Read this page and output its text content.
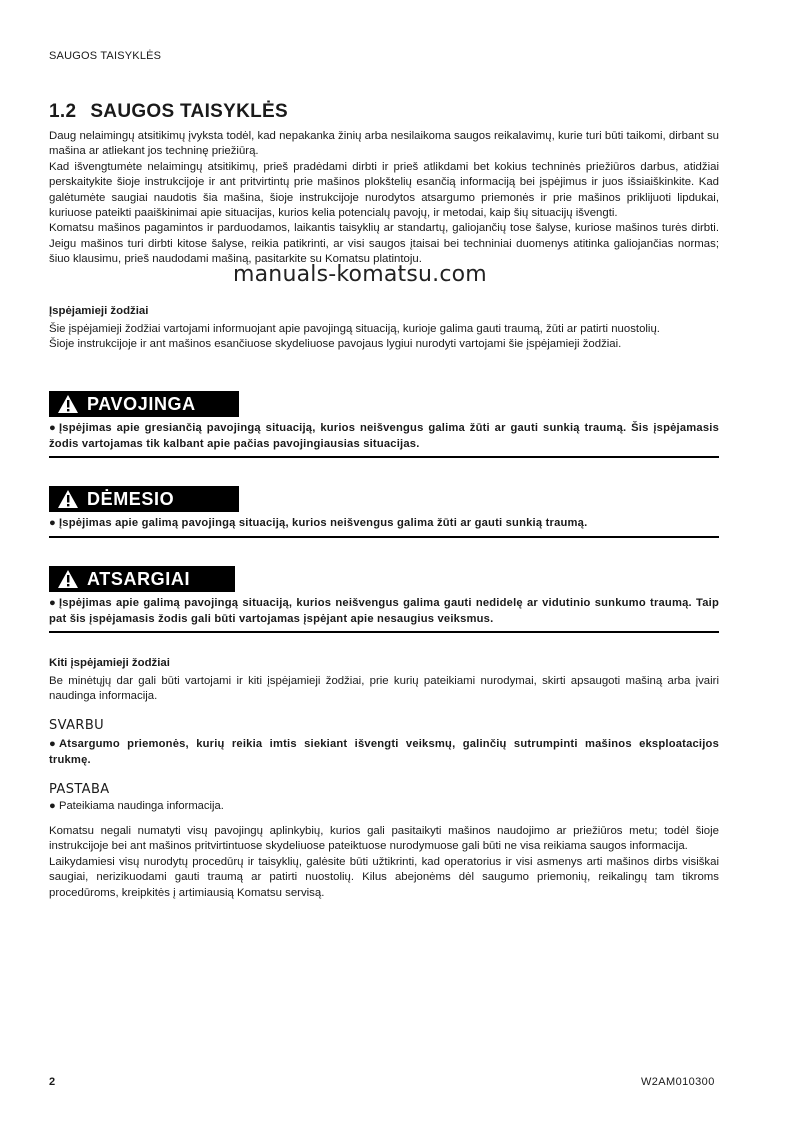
SAUGOS TAISYKLĖS
1.2 SAUGOS TAISYKLĖS

Daug nelaimingų atsitikimų įvyksta todėl, kad nepakanka žinių arba nesilaikoma saugos reikalavimų, kurie turi būti taikomi, dirbant su mašina ar atliekant jos techninę priežiūrą.

Kad išvengtumėte nelaimingų atsitikimų, prieš pradėdami dirbti ir prieš atlikdami bet kokius techninės priežiūros darbus, atidžiai perskaitykite šioje instrukcijoje ir ant pritvirtintų prie mašinos plokštelių esančią informaciją bei įspėjimus ir juos išsiaiškinkite. Kad galėtumėte saugiai naudotis šia mašina, šioje instrukcijoje nurodytos atsargumo priemonės ir prie mašinos priklijuoti lipdukai, kuriuose pateikti paaiškinimai apie situacijas, kurios kelia potencialų pavojų, ir metodai, kaip šių situacijų išvengti.

Komatsu mašinos pagamintos ir parduodamos, laikantis taisyklių ar standartų, galiojančių tose šalyse, kuriose mašinos turės dirbti. Jeigu mašinos turi dirbti kitose šalyse, reikia patikrinti, ar visi saugos įtaisai bei techniniai duomenys atitinka galiojančias normas; šiuo klausimu, prieš naudodami mašiną, pasitarkite su Komatsu platintoju.

manuals-komatsu.com
Įspėjamieji žodžiai

Šie įspėjamieji žodžiai vartojami informuojant apie pavojingą situaciją, kurioje galima gauti traumą, žūti ar patirti nuostolių.

Šioje instrukcijoje ir ant mašinos esančiuose skydeliuose pavojaus lygiui nurodyti vartojami šie įspėjamieji žodžiai.

PAVOJINGA
● Įspėjimas apie gresiančią pavojingą situaciją, kurios neišvengus galima žūti ar gauti sunkią traumą. Šis įspėjamasis žodis vartojamas tik kalbant apie pačias pavojingiausias situacijas.
DĖMESIO
● Įspėjimas apie galimą pavojingą situaciją, kurios neišvengus galima žūti ar gauti sunkią traumą.
ATSARGIAI
● Įspėjimas apie galimą pavojingą situaciją, kurios neišvengus galima gauti nedidelę ar vidutinio sunkumo traumą. Taip pat šis įspėjamasis žodis gali būti vartojamas įspėjant apie nesaugius veiksmus.
Kiti įspėjamieji žodžiai
Be minėtųjų dar gali būti vartojami ir kiti įspėjamieji žodžiai, prie kurių pateikiami nurodymai, skirti apsaugoti mašiną arba įvairi naudinga informacija.
SVARBU
● Atsargumo priemonės, kurių reikia imtis siekiant išvengti veiksmų, galinčių sutrumpinti mašinos eksploatacijos trukmę.
PASTABA
● Pateikiama naudinga informacija.

Komatsu negali numatyti visų pavojingų aplinkybių, kurios gali pasitaikyti mašinos naudojimo ar priežiūros metu; todėl šioje instrukcijoje bei ant mašinos pritvirtintuose skydeliuose pateiktuose nurodymuose gali būti ne visa reikiama saugos informacija.

Laikydamiesi visų nurodytų procedūrų ir taisyklių, galėsite būti užtikrinti, kad operatorius ir visi asmenys arti mašinos dirbs visiškai saugiai, nerizikuodami gauti traumą ar patirti nuostolių. Kilus abejonėms dėl saugumo priemonių, reikalingų tam tikroms procedūroms, kreipkitės į artimiausią Komatsu servisą.

2	W2AM010300
